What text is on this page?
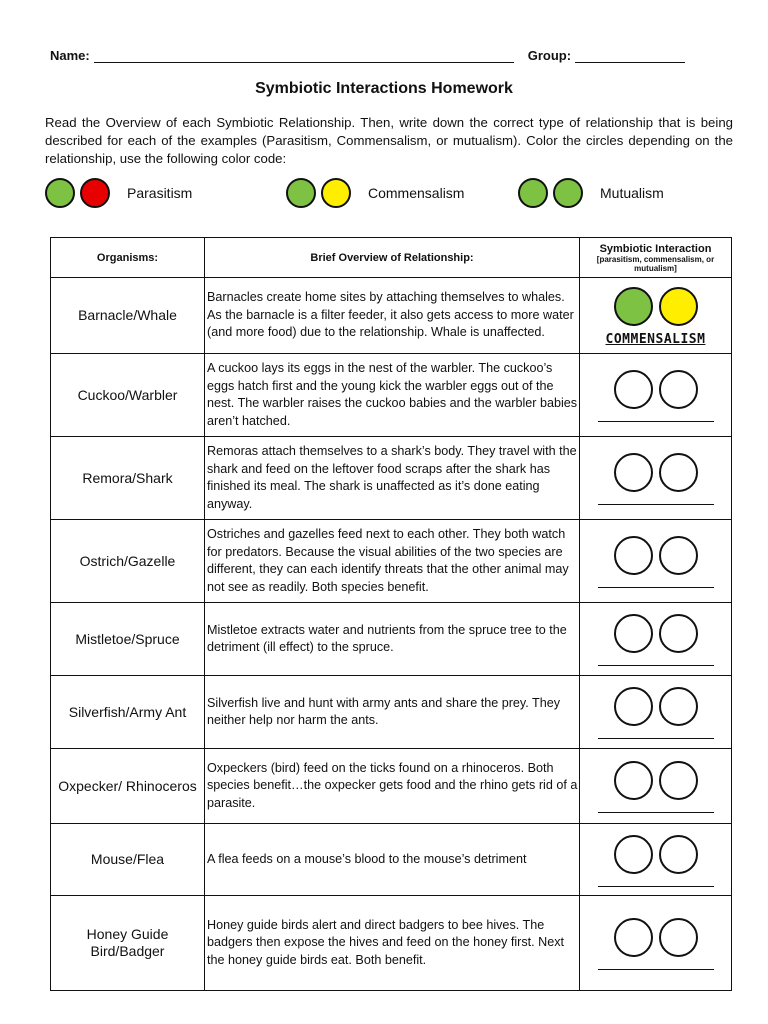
Name:	Group:
Symbiotic Interactions Homework
Read the Overview of each Symbiotic Relationship. Then, write down the correct type of relationship that is being described for each of the examples (Parasitism, Commensalism, or mutualism). Color the circles depending on the relationship, use the following color code:
Parasitism	Commensalism	Mutualism
Organisms:	Brief Overview of Relationship:	Symbiotic Interaction
[parasitism, commensalism, or mutualism]

Barnacle/Whale	Barnacles create home sites by attaching themselves to whales. As the barnacle is a filter feeder, it also gets access to more water (and more food) due to the relationship. Whale is unaffected.	COMMENSALISM

Cuckoo/Warbler	A cuckoo lays its eggs in the nest of the warbler. The cuckoo’s eggs hatch first and the young kick the warbler eggs out of the nest. The warbler raises the cuckoo babies and the warbler babies aren’t hatched.	

Remora/Shark	Remoras attach themselves to a shark’s body. They travel with the shark and feed on the leftover food scraps after the shark has finished its meal. The shark is unaffected as it’s done eating anyway.	

Ostrich/Gazelle	Ostriches and gazelles feed next to each other. They both watch for predators. Because the visual abilities of the two species are different, they can each identify threats that the other animal may not see as readily. Both species benefit.	

Mistletoe/Spruce	Mistletoe extracts water and nutrients from the spruce tree to the detriment (ill effect) to the spruce.	

Silverfish/Army Ant	Silverfish live and hunt with army ants and share the prey. They neither help nor harm the ants.	

Oxpecker/ Rhinoceros	Oxpeckers (bird) feed on the ticks found on a rhinoceros. Both species benefit…the oxpecker gets food and the rhino gets rid of a parasite.	

Mouse/Flea	A flea feeds on a mouse’s blood to the mouse’s detriment	

Honey Guide Bird/Badger	Honey guide birds alert and direct badgers to bee hives. The badgers then expose the hives and feed on the honey first. Next the honey guide birds eat. Both benefit.	
